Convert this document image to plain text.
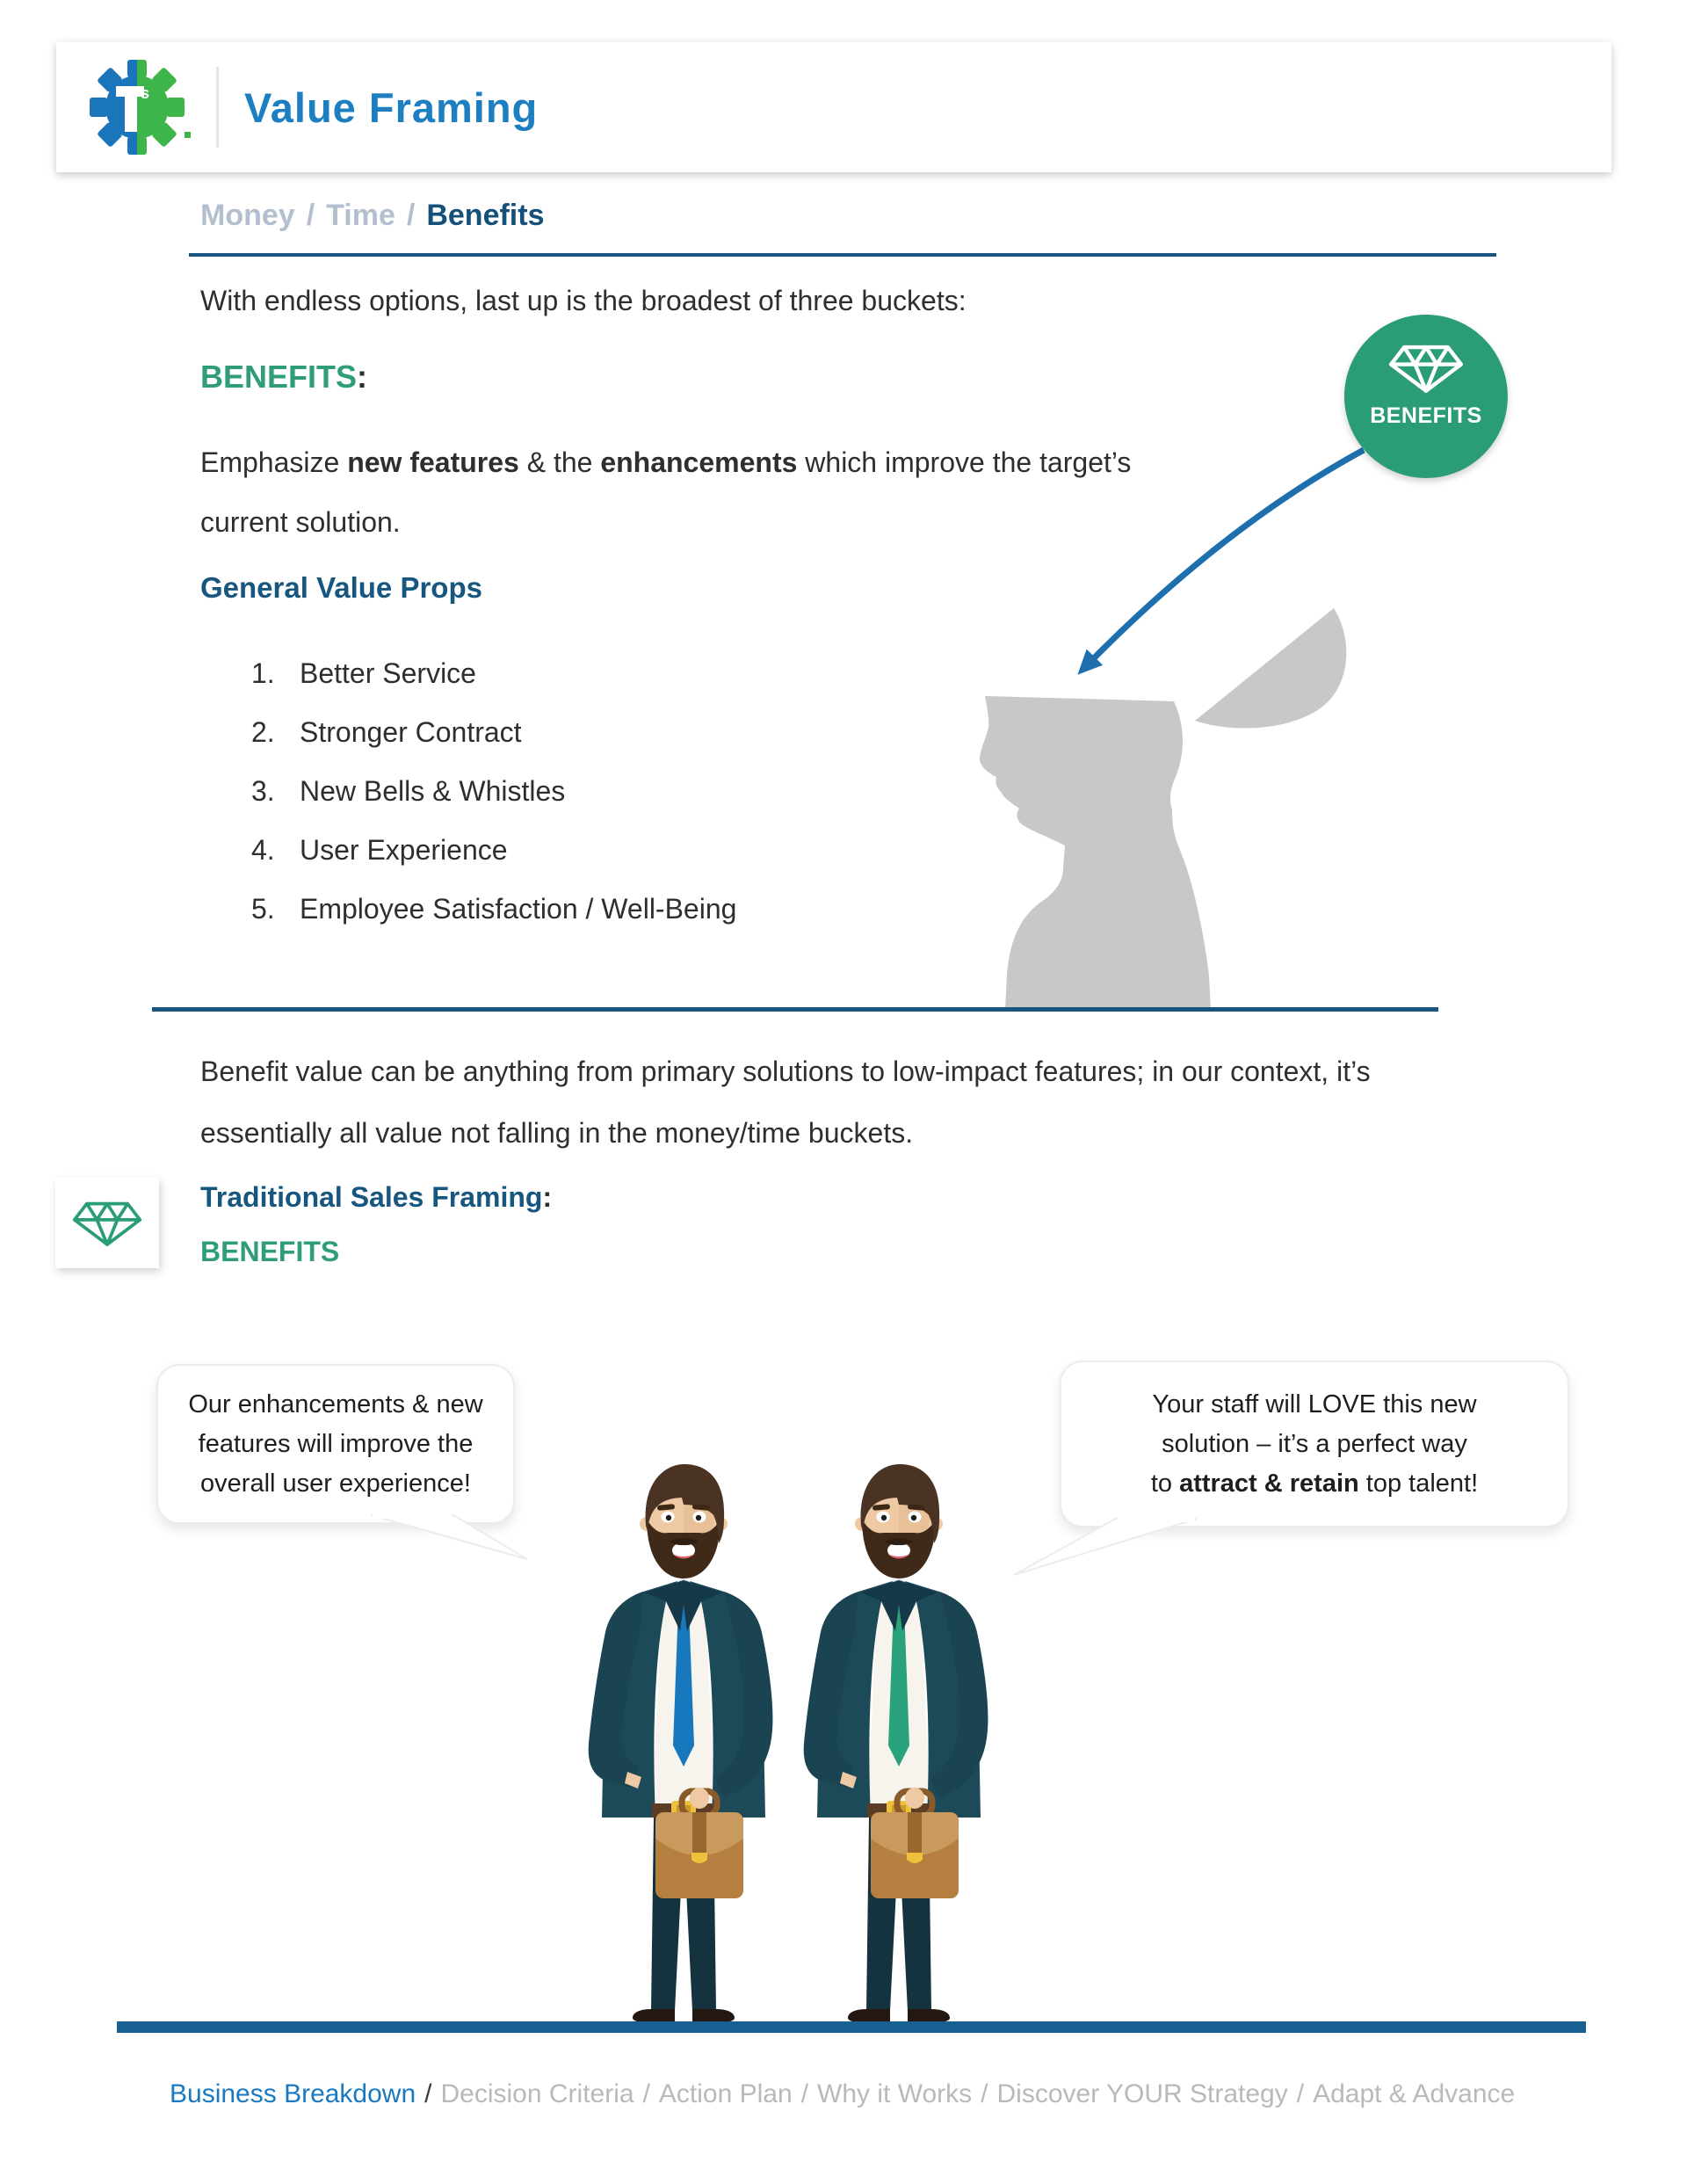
s Value Framing
Money / Time / Benefits
With endless options, last up is the broadest of three buckets:
BENEFITS:
Emphasize new features & the enhancements which improve the target’s current solution.
General Value Props
1. Better Service
2. Stronger Contract
3. New Bells & Whistles
4. User Experience
5. Employee Satisfaction / Well-Being
BENEFITS
Benefit value can be anything from primary solutions to low-impact features; in our context, it’s essentially all value not falling in the money/time buckets.
Traditional Sales Framing:
BENEFITS
Our enhancements & new
features will improve the
overall user experience!
Your staff will LOVE this new
solution – it’s a perfect way
to attract & retain top talent!
Business Breakdown / Decision Criteria / Action Plan / Why it Works / Discover YOUR Strategy / Adapt & Advance
